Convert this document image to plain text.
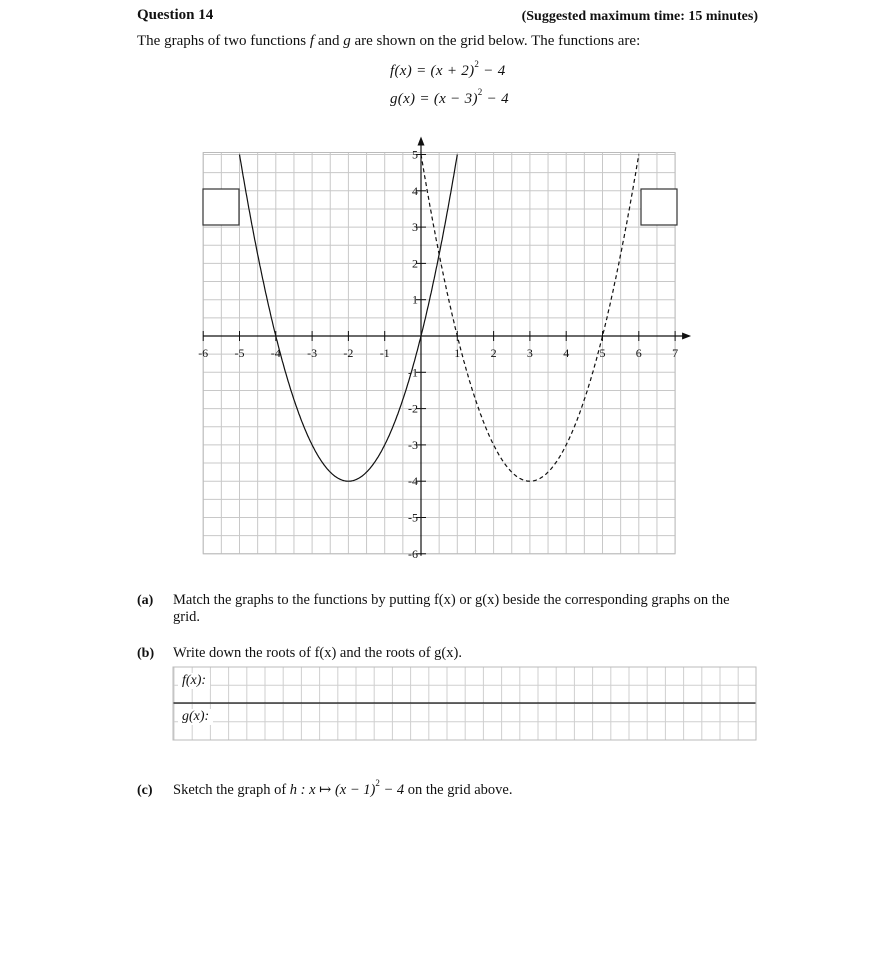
Question 14	(Suggested maximum time: 15 minutes)
The graphs of two functions f and g are shown on the grid below. The functions are:
$f(x) = (x + 2)^2 - 4$
$g(x) = (x - 3)^2 - 4$
-6 -5 -4 -3 -2 -1	1	2	3	4	5	6	7
5
4
3
2
1
-1
-2
-3
-4
-5
-6
(a) Match the graphs to the functions by putting f(x) or g(x) beside the corresponding graphs on the grid.
(b) Write down the roots of f(x) and the roots of g(x).
f(x):
g(x):
(c) Sketch the graph of h : x ↦ $(x - 1)^2 - 4$ on the grid above.
